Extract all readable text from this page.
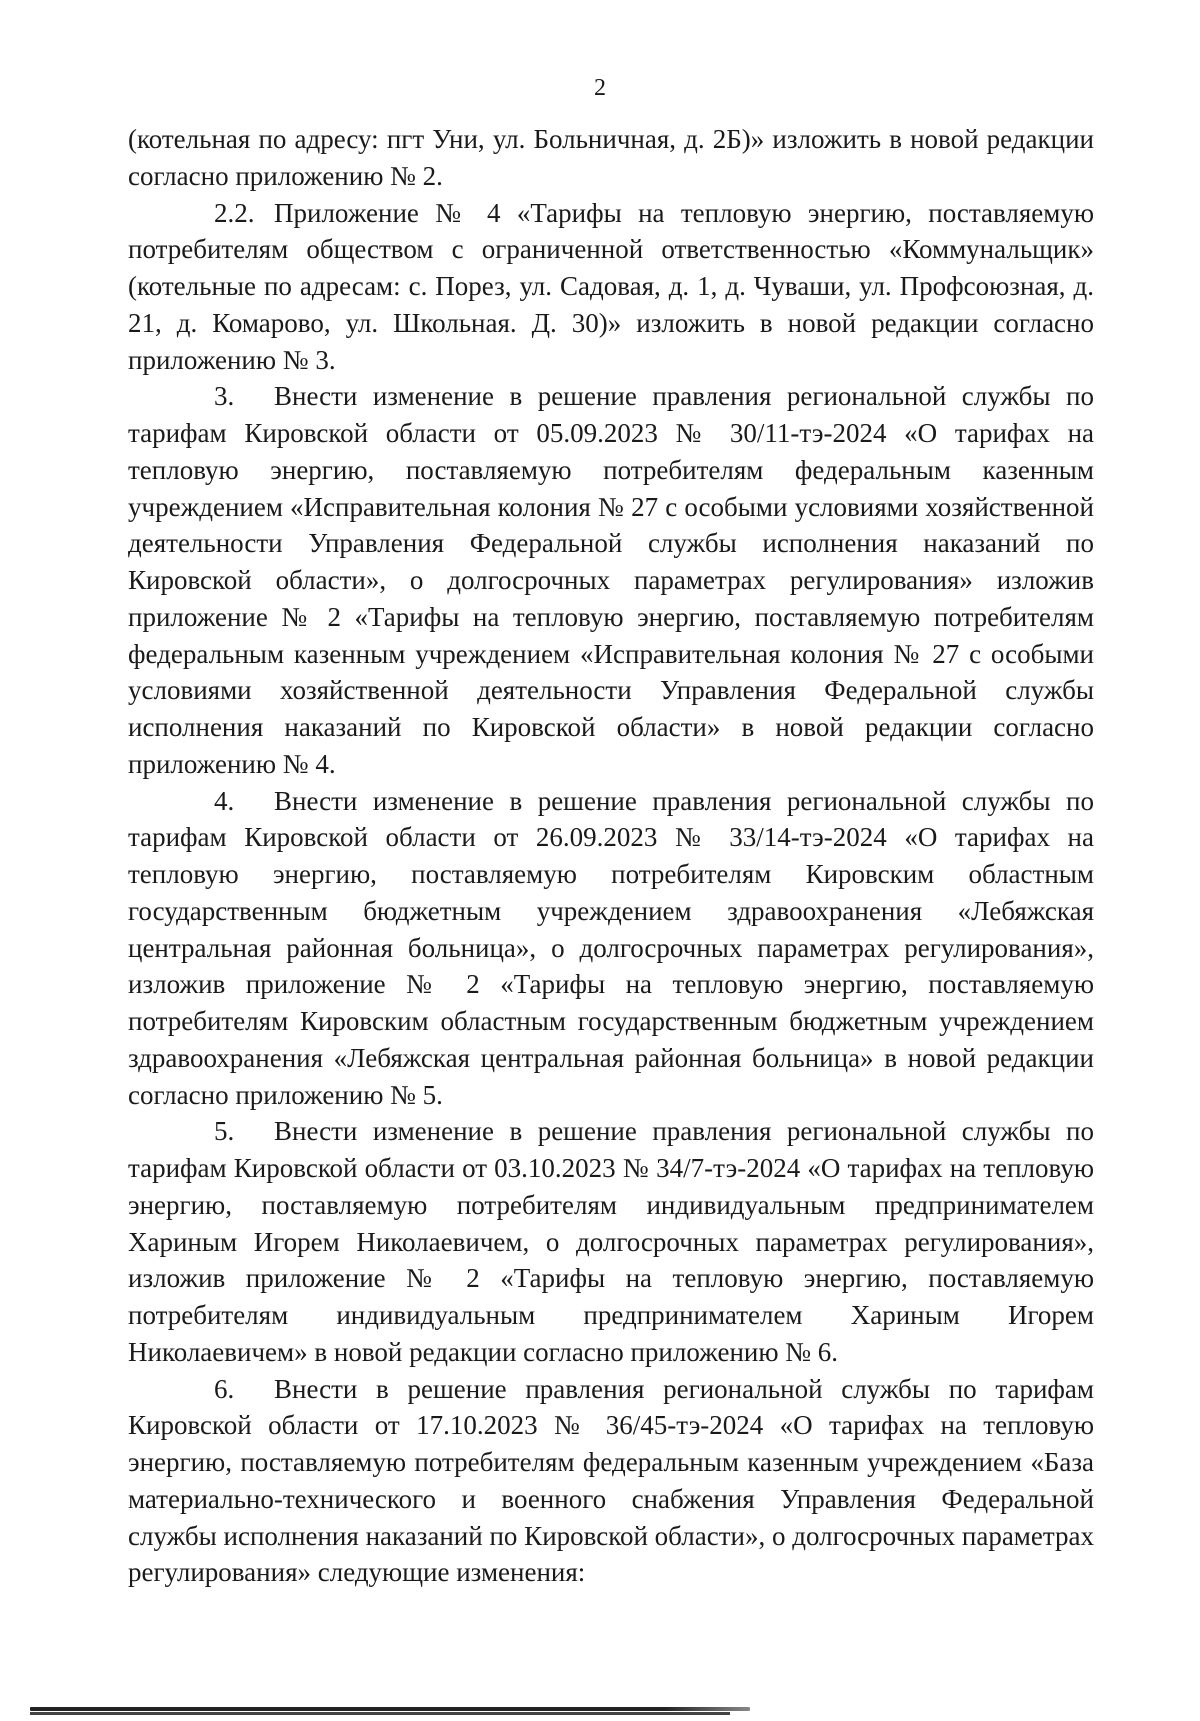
2

(котельная по адресу: пгт Уни, ул. Больничная, д. 2Б)» изложить в новой редакции согласно приложению № 2.

2.2. Приложение № 4 «Тарифы на тепловую энергию, поставляемую потребителям обществом с ограниченной ответственностью «Коммунальщик» (котельные по адресам: с. Порез, ул. Садовая, д. 1, д. Чуваши, ул. Профсоюзная, д. 21, д. Комарово, ул. Школьная. Д. 30)» изложить в новой редакции согласно приложению № 3.

3. Внести изменение в решение правления региональной службы по тарифам Кировской области от 05.09.2023 № 30/11-тэ-2024 «О тарифах на тепловую энергию, поставляемую потребителям федеральным казенным учреждением «Исправительная колония № 27 с особыми условиями хозяйственной деятельности Управления Федеральной службы исполнения наказаний по Кировской области», о долгосрочных параметрах регулирования» изложив приложение № 2 «Тарифы на тепловую энергию, поставляемую потребителям федеральным казенным учреждением «Исправительная колония № 27 с особыми условиями хозяйственной деятельности Управления Федеральной службы исполнения наказаний по Кировской области» в новой редакции согласно приложению № 4.

4. Внести изменение в решение правления региональной службы по тарифам Кировской области от 26.09.2023 № 33/14-тэ-2024 «О тарифах на тепловую энергию, поставляемую потребителям Кировским областным государственным бюджетным учреждением здравоохранения «Лебяжская центральная районная больница», о долгосрочных параметрах регулирования», изложив приложение № 2 «Тарифы на тепловую энергию, поставляемую потребителям Кировским областным государственным бюджетным учреждением здравоохранения «Лебяжская центральная районная больница» в новой редакции согласно приложению № 5.

5. Внести изменение в решение правления региональной службы по тарифам Кировской области от 03.10.2023 № 34/7-тэ-2024 «О тарифах на тепловую энергию, поставляемую потребителям индивидуальным предпринимателем Хариным Игорем Николаевичем, о долгосрочных параметрах регулирования», изложив приложение № 2 «Тарифы на тепловую энергию, поставляемую потребителям индивидуальным предпринимателем Хариным Игорем Николаевичем» в новой редакции согласно приложению № 6.

6. Внести в решение правления региональной службы по тарифам Кировской области от 17.10.2023 № 36/45-тэ-2024 «О тарифах на тепловую энергию, поставляемую потребителям федеральным казенным учреждением «База материально-технического и военного снабжения Управления Федеральной службы исполнения наказаний по Кировской области», о долгосрочных параметрах регулирования» следующие изменения:
